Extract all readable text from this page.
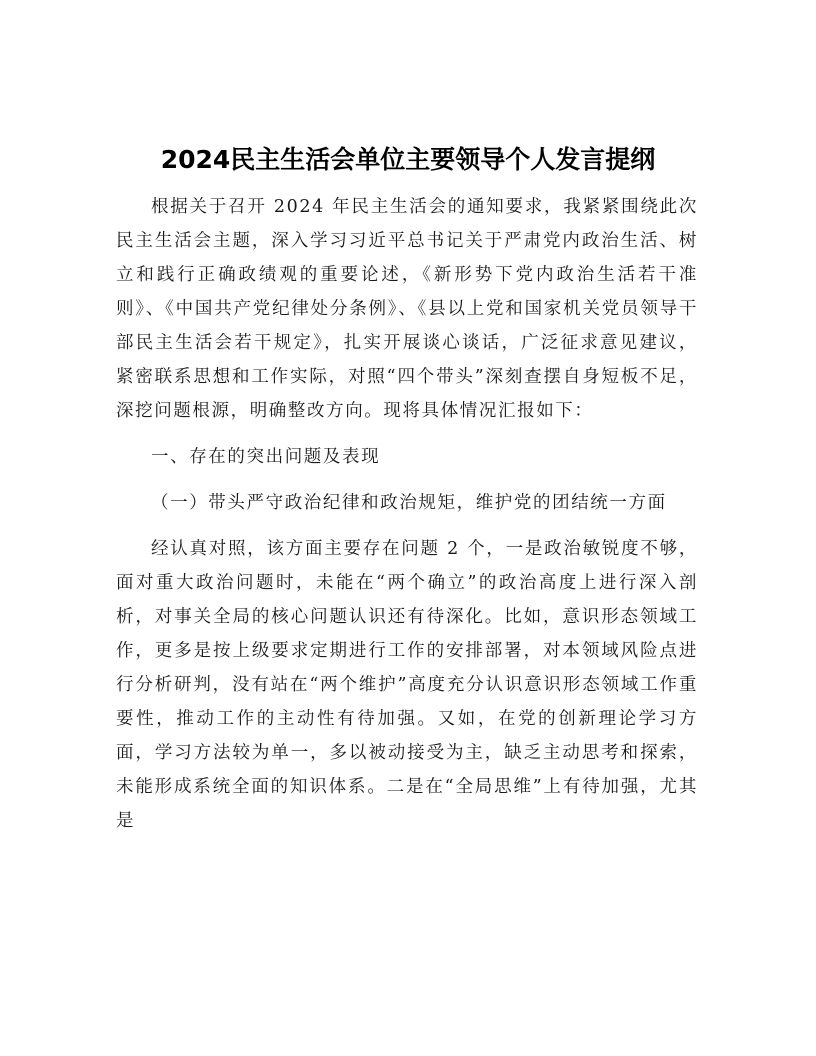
2024民主生活会单位主要领导个人发言提纲

根据关于召开 2024 年民主生活会的通知要求，我紧紧围绕此次民主生活会主题，深入学习习近平总书记关于严肃党内政治生活、树立和践行正确政绩观的重要论述，《新形势下党内政治生活若干准则》、《中国共产党纪律处分条例》、《县以上党和国家机关党员领导干部民主生活会若干规定》，扎实开展谈心谈话，广泛征求意见建议，紧密联系思想和工作实际，对照“四个带头”深刻查摆自身短板不足，深挖问题根源，明确整改方向。现将具体情况汇报如下：

一、存在的突出问题及表现

（一）带头严守政治纪律和政治规矩，维护党的团结统一方面

经认真对照，该方面主要存在问题 2 个，一是政治敏锐度不够，面对重大政治问题时，未能在“两个确立”的政治高度上进行深入剖析，对事关全局的核心问题认识还有待深化。比如，意识形态领域工作，更多是按上级要求定期进行工作的安排部署，对本领域风险点进行分析研判，没有站在“两个维护”高度充分认识意识形态领域工作重要性，推动工作的主动性有待加强。又如，在党的创新理论学习方面，学习方法较为单一，多以被动接受为主，缺乏主动思考和探索，未能形成系统全面的知识体系。二是在“全局思维”上有待加强，尤其是
